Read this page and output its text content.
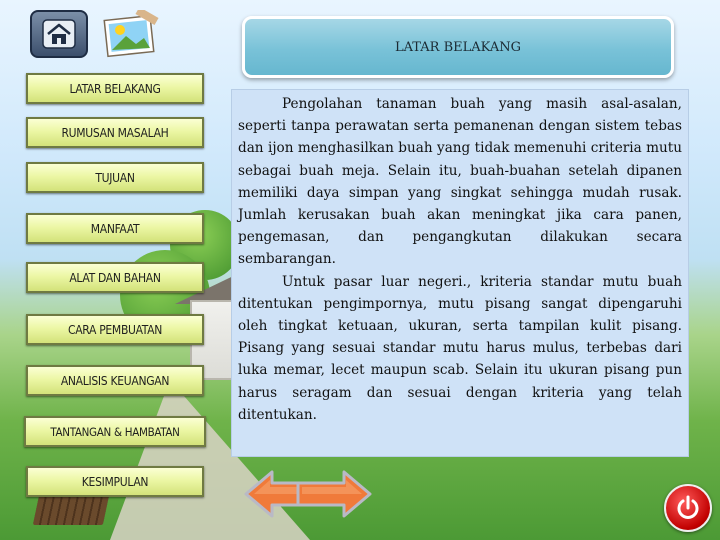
LATAR BELAKANG
LATAR BELAKANG
RUMUSAN MASALAH
TUJUAN
MANFAAT
ALAT DAN BAHAN
CARA PEMBUATAN
ANALISIS KEUANGAN
TANTANGAN & HAMBATAN
KESIMPULAN

Pengolahan tanaman buah yang masih asal-asalan, seperti tanpa perawatan serta pemanenan dengan sistem tebas dan ijon menghasilkan buah yang tidak memenuhi criteria mutu sebagai buah meja. Selain itu, buah-buahan setelah dipanen memiliki daya simpan yang singkat sehingga mudah rusak. Jumlah kerusakan buah akan meningkat jika cara panen, pengemasan, dan pengangkutan dilakukan secara sembarangan.

Untuk pasar luar negeri., kriteria standar mutu buah ditentukan pengimpornya, mutu pisang sangat dipengaruhi oleh tingkat ketuaan, ukuran, serta tampilan kulit pisang. Pisang yang sesuai standar mutu harus mulus, terbebas dari luka memar, lecet maupun scab. Selain itu ukuran pisang pun harus seragam dan sesuai dengan kriteria yang telah ditentukan.
